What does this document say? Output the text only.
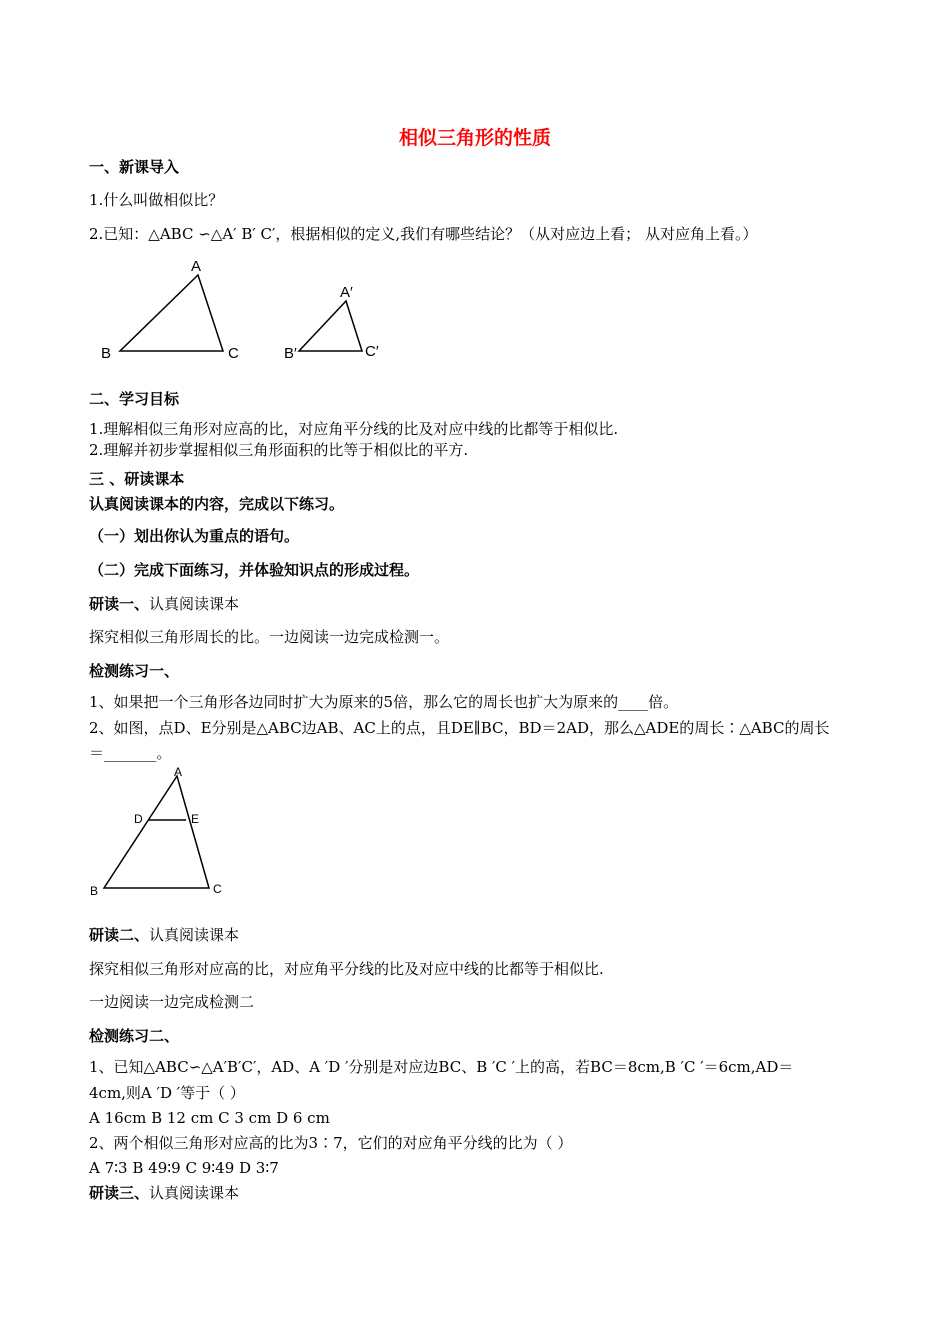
相似三角形的性质
一、新课导入
1.什么叫做相似比？
2.已知：△ABC ∽△A′ B′ C′，根据相似的定义,我们有哪些结论？（从对应边上看； 从对应角上看。）
A
B	C
A′
B′	C′
二、学习目标
1.理解相似三角形对应高的比，对应角平分线的比及对应中线的比都等于相似比.
2.理解并初步掌握相似三角形面积的比等于相似比的平方.
三 、研读课本
认真阅读课本的内容，完成以下练习。
（一）划出你认为重点的语句。
（二）完成下面练习，并体验知识点的形成过程。
研读一、认真阅读课本
探究相似三角形周长的比。一边阅读一边完成检测一。
检测练习一、
1、如果把一个三角形各边同时扩大为原来的5倍，那么它的周长也扩大为原来的____倍。
2、如图，点D、E分别是△ABC边AB、AC上的点，且DE∥BC，BD＝2AD，那么△ADE的周长∶△ABC的周长
＝_______。
A
D	E
B	C
研读二、认真阅读课本
探究相似三角形对应高的比，对应角平分线的比及对应中线的比都等于相似比.
一边阅读一边完成检测二
检测练习二、
1、已知△ABC∽△A′B′C′，AD、A ′D ′分别是对应边BC、B ′C ′上的高，若BC＝8cm,B ′C ′＝6cm,AD＝
4cm,则A ′D ′等于（ ）
A 16cm B 12 cm C 3 cm D 6 cm
2、两个相似三角形对应高的比为3∶7，它们的对应角平分线的比为（ ）
A 7∶3 B 49∶9 C 9∶49 D 3∶7
研读三、认真阅读课本
